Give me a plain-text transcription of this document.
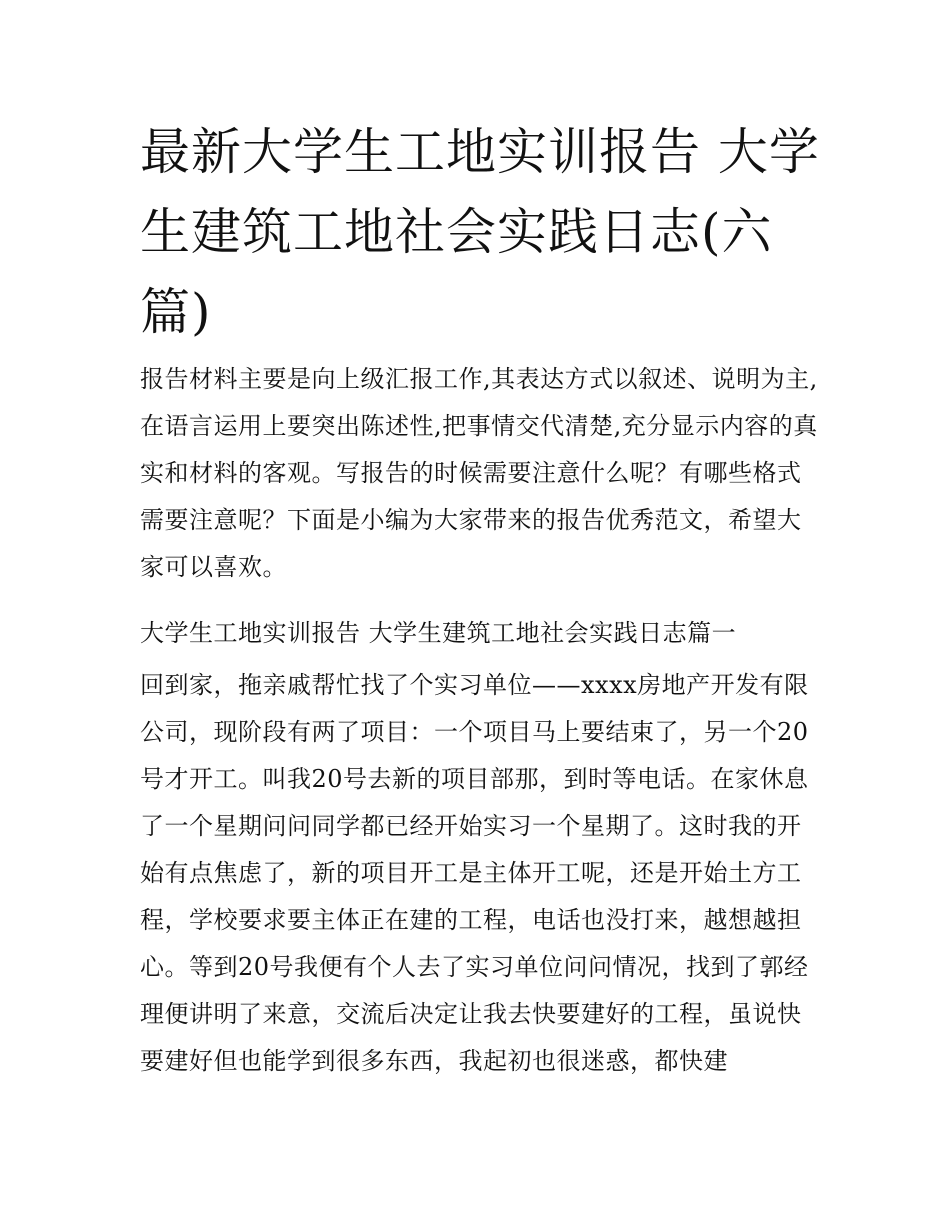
最新大学生工地实训报告 大学生建筑工地社会实践日志(六篇)

报告材料主要是向上级汇报工作,其表达方式以叙述、说明为主,在语言运用上要突出陈述性,把事情交代清楚,充分显示内容的真实和材料的客观。写报告的时候需要注意什么呢？有哪些格式需要注意呢？下面是小编为大家带来的报告优秀范文，希望大家可以喜欢。

大学生工地实训报告 大学生建筑工地社会实践日志篇一

回到家，拖亲戚帮忙找了个实习单位——xxxx房地产开发有限公司，现阶段有两了项目：一个项目马上要结束了，另一个20号才开工。叫我20号去新的项目部那，到时等电话。在家休息了一个星期问问同学都已经开始实习一个星期了。这时我的开始有点焦虑了，新的项目开工是主体开工呢，还是开始土方工程，学校要求要主体正在建的工程，电话也没打来，越想越担心。等到20号我便有个人去了实习单位问问情况，找到了郭经理便讲明了来意，交流后决定让我去快要建好的工程，虽说快要建好但也能学到很多东西，我起初也很迷惑，都快建
